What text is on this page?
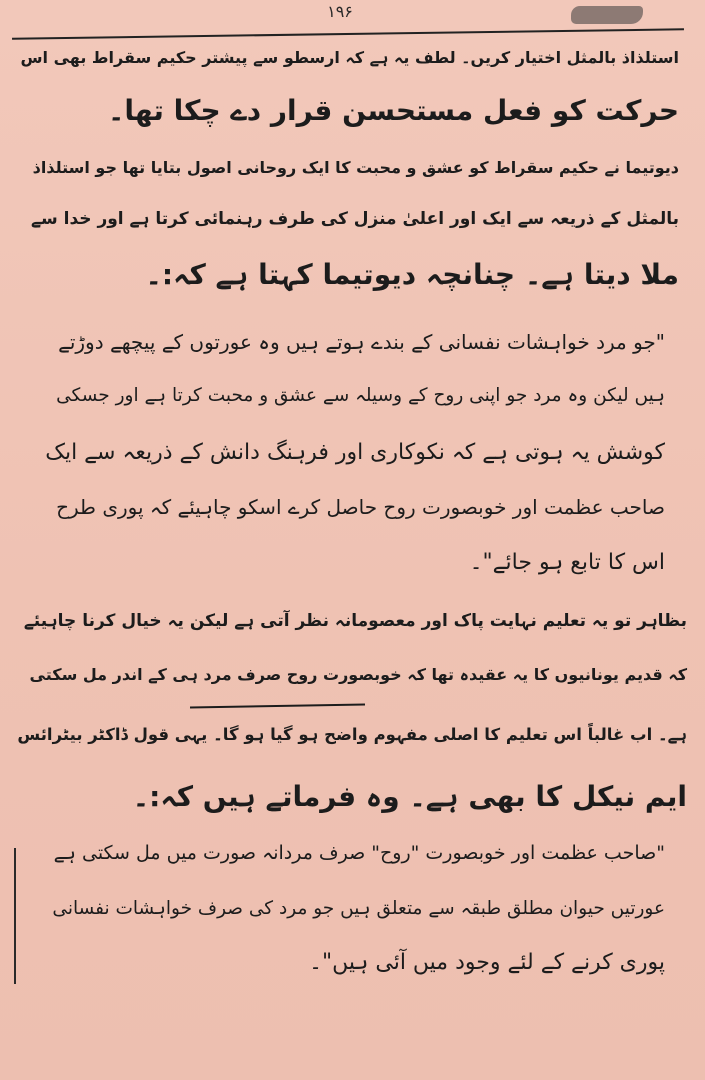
۱۹۶
استلذاذ بالمثل اختیار کریں۔ لطف یہ ہے کہ ارسطو سے پیشتر حکیم سقراط بھی اس
حرکت کو فعل مستحسن قرار دے چکا تھا۔
دیوتیما نے حکیم سقراط کو عشق و محبت کا ایک روحانی اصول بتایا تھا جو استلذاذ
بالمثل کے ذریعہ سے ایک اور اعلیٰ منزل کی طرف رہنمائی کرتا ہے اور خدا سے
ملا دیتا ہے۔ چنانچہ دیوتیما کہتا ہے کہ:۔
"جو مرد خواہشات نفسانی کے بندے ہوتے ہیں وہ عورتوں کے پیچھے دوڑتے
ہیں لیکن وہ مرد جو اپنی روح کے وسیلہ سے عشق و محبت کرتا ہے اور جسکی
کوشش یہ ہوتی ہے کہ نکوکاری اور فرہنگ دانش کے ذریعہ سے ایک
صاحب عظمت اور خوبصورت روح حاصل کرے اسکو چاہیئے کہ پوری طرح
اس کا تابع ہو جائے"۔
بظاہر تو یہ تعلیم نہایت پاک اور معصومانہ نظر آتی ہے لیکن یہ خیال کرنا چاہیئے
کہ قدیم یونانیوں کا یہ عقیدہ تھا کہ خوبصورت روح صرف مرد ہی کے اندر مل سکتی
ہے۔ اب غالباً اس تعلیم کا اصلی مفہوم واضح ہو گیا ہو گا۔ یہی قول ڈاکٹر بیٹرائس
ایم نیکل کا بھی ہے۔ وہ فرماتے ہیں کہ:۔
"صاحب عظمت اور خوبصورت "روح" صرف مردانہ صورت میں مل سکتی ہے
عورتیں حیوان مطلق طبقہ سے متعلق ہیں جو مرد کی صرف خواہشات نفسانی
پوری کرنے کے لئے وجود میں آئی ہیں"۔
